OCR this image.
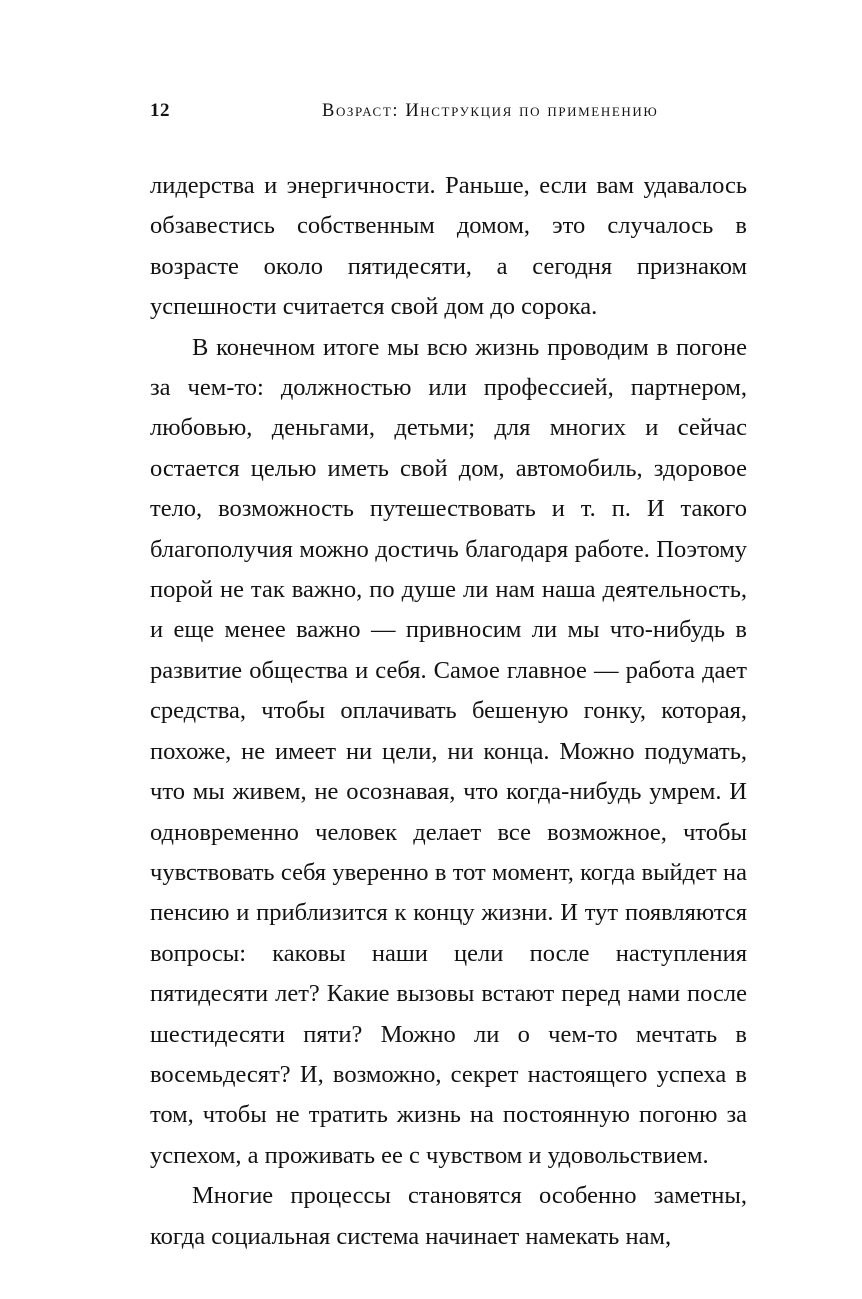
12	Возраст: Инструкция по применению

лидерства и энергичности. Раньше, если вам удавалось обзавестись собственным домом, это случалось в возрасте около пятидесяти, а сегодня признаком успешности считается свой дом до сорока.

В конечном итоге мы всю жизнь проводим в погоне за чем-то: должностью или профессией, партнером, любовью, деньгами, детьми; для многих и сейчас остается целью иметь свой дом, автомобиль, здоровое тело, возможность путешествовать и т. п. И такого благополучия можно достичь благодаря работе. Поэтому порой не так важно, по душе ли нам наша деятельность, и еще менее важно — привносим ли мы что-нибудь в развитие общества и себя. Самое главное — работа дает средства, чтобы оплачивать бешеную гонку, которая, похоже, не имеет ни цели, ни конца. Можно подумать, что мы живем, не осознавая, что когда-нибудь умрем. И одновременно человек делает все возможное, чтобы чувствовать себя уверенно в тот момент, когда выйдет на пенсию и приблизится к концу жизни. И тут появляются вопросы: каковы наши цели после наступления пятидесяти лет? Какие вызовы встают перед нами после шестидесяти пяти? Можно ли о чем-то мечтать в восемьдесят? И, возможно, секрет настоящего успеха в том, чтобы не тратить жизнь на постоянную погоню за успехом, а проживать ее с чувством и удовольствием.

Многие процессы становятся особенно заметны, когда социальная система начинает намекать нам,
